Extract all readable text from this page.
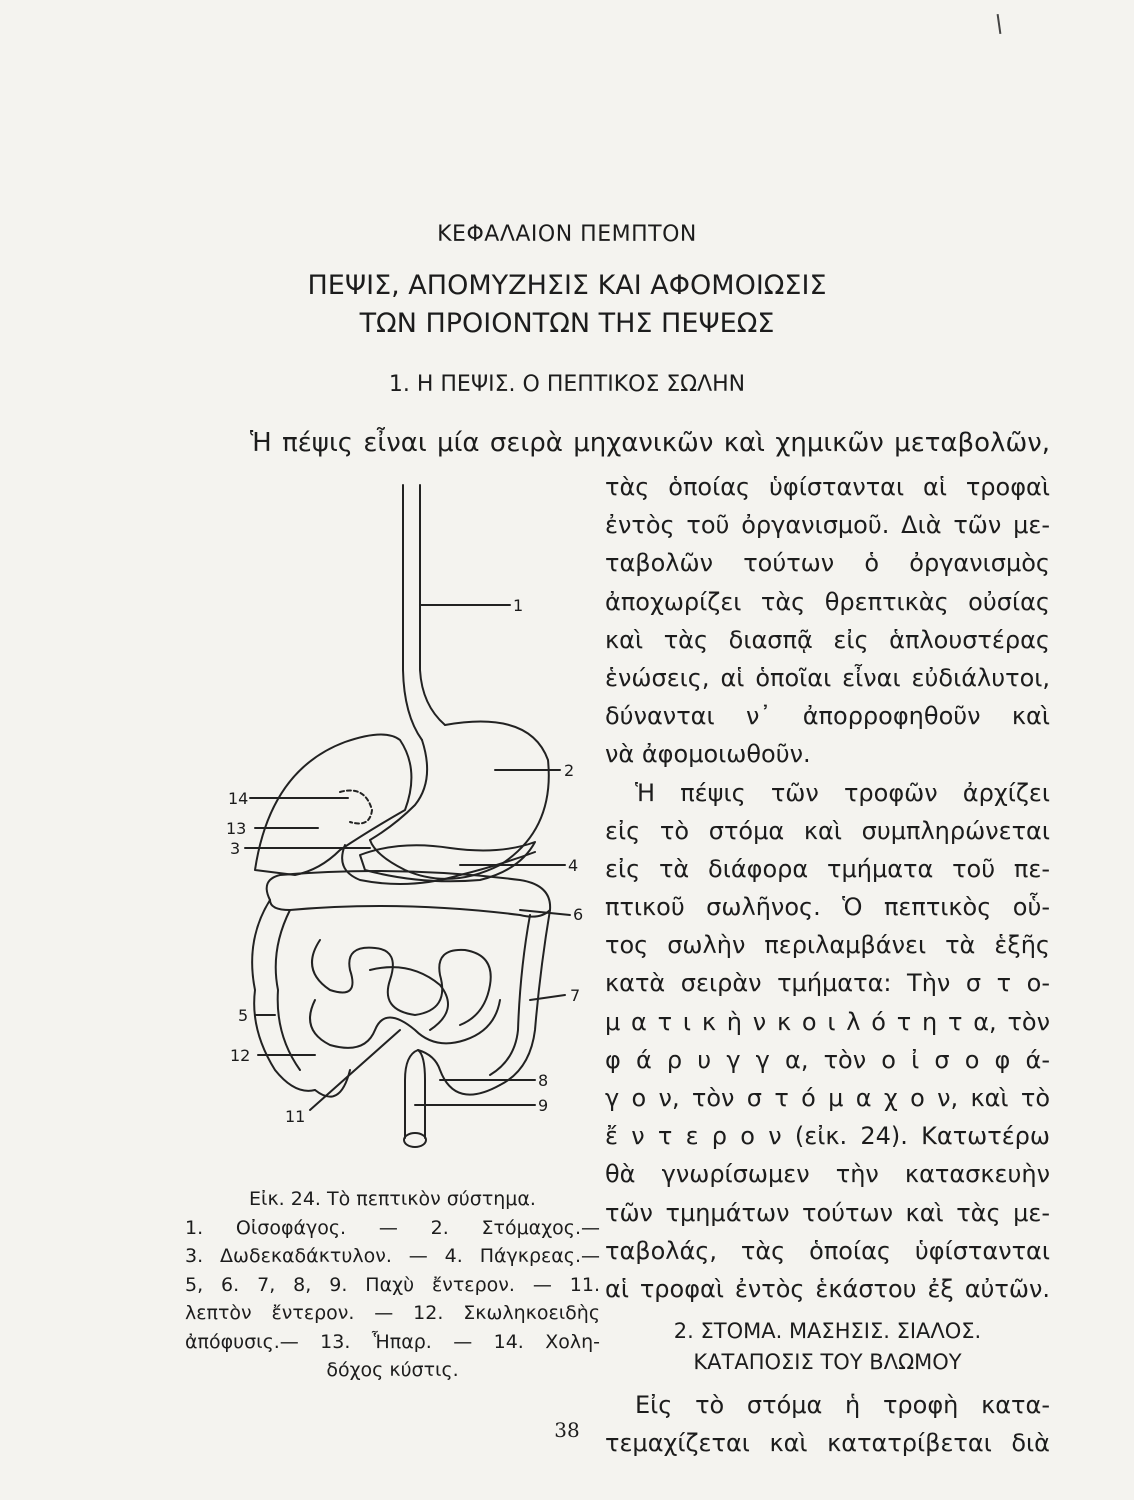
ΚΕΦΑΛΑΙΟΝ ΠΕΜΠΤΟΝ
ΠΕΨΙΣ, ΑΠΟΜΥΖΗΣΙΣ ΚΑΙ ΑΦΟΜΟΙΩΣΙΣ
ΤΩΝ ΠΡΟΙΟΝΤΩΝ ΤΗΣ ΠΕΨΕΩΣ
1. Η ΠΕΨΙΣ. Ο ΠΕΠΤΙΚΟΣ ΣΩΛΗΝ
Ἡ πέψις εἶναι μία σειρὰ μηχανικῶν καὶ χημικῶν μεταβολῶν,
τὰς ὁποίας ὑφίστανται αἱ τροφαὶ
ἐντὸς τοῦ ὀργανισμοῦ. Διὰ τῶν με-
ταβολῶν τούτων ὁ ὀργανισμὸς
ἀποχωρίζει τὰς θρεπτικὰς οὐσίας
καὶ τὰς διασπᾷ εἰς ἁπλουστέρας
ἑνώσεις, αἱ ὁποῖαι εἶναι εὐδιάλυτοι,
δύνανται ν᾽ ἀπορροφηθοῦν καὶ
νὰ ἀφομοιωθοῦν.
Ἡ πέψις τῶν τροφῶν ἀρχίζει
εἰς τὸ στόμα καὶ συμπληρώνεται
εἰς τὰ διάφορα τμήματα τοῦ πε-
πτικοῦ σωλῆνος. Ὁ πεπτικὸς οὗ-
τος σωλὴν περιλαμβάνει τὰ ἑξῆς
κατὰ σειρὰν τμήματα: Τὴν σ τ ο-
μ α τ ι κ ὴ ν κ ο ι λ ό τ η τ α, τὸν
φ ά ρ υ γ γ α, τὸν ο ἰ σ ο φ ά-
γ ο ν, τὸν σ τ ό μ α χ ο ν, καὶ τὸ
ἔ ν τ ε ρ ο ν (εἰκ. 24). Κατωτέρω
θὰ γνωρίσωμεν τὴν κατασκευὴν
τῶν τμημάτων τούτων καὶ τὰς με-
ταβολάς, τὰς ὁποίας ὑφίστανται
αἱ τροφαὶ ἐντὸς ἑκάστου ἐξ αὐτῶν.
2. ΣΤΟΜΑ. ΜΑΣΗΣΙΣ. ΣΙΑΛΟΣ.
ΚΑΤΑΠΟΣΙΣ ΤΟΥ ΒΛΩΜΟΥ
Εἰς τὸ στόμα ἡ τροφὴ κατα-
τεμαχίζεται καὶ κατατρίβεται διὰ
1
2
14
13
3
4
6
7
5
12
8
9
11
Εἰκ. 24. Τὸ πεπτικὸν σύστημα.
1. Οἰσοφάγος. — 2. Στόμαχος.—
3. Δωδεκαδάκτυλον. — 4. Πάγκρεας.—
5, 6. 7, 8, 9. Παχὺ ἔντερον. — 11.
λεπτὸν ἔντερον. — 12. Σκωληκοειδὴς
ἀπόφυσις.— 13. Ἧπαρ. — 14. Χολη-
δόχος κύστις.
38
